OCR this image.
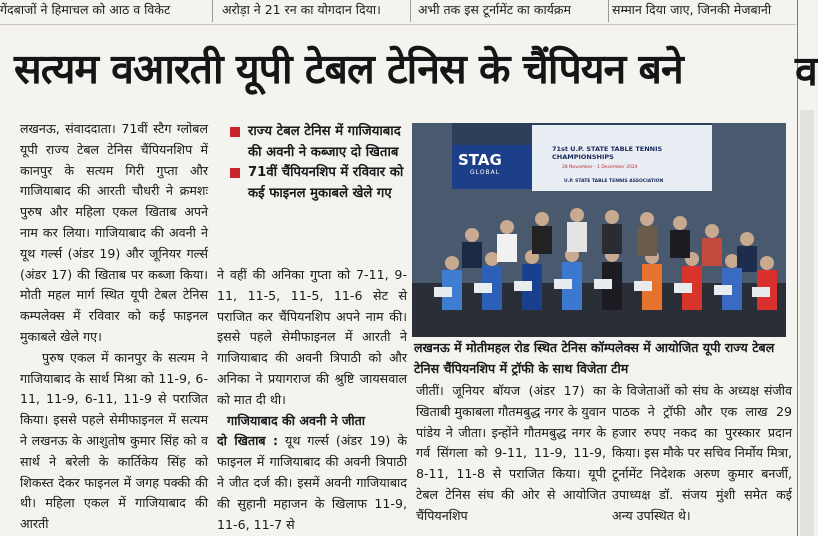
गेंदबाजों ने हिमाचल को आठ व विकेट	अरोड़ा ने 21 रन का योगदान दिया।	अभी तक इस टूर्नामेंट का कार्यक्रम	सम्मान दिया जाए, जिनकी मेजबानी
सत्यम वआरती यूपी टेबल टेनिस के चैंपियन बने	व

लखनऊ, संवाददाता। 71वीं स्टैग ग्लोबल यूपी राज्य टेबल टेनिस चैंपियनशिप में कानपुर के सत्यम गिरी गुप्ता और गाजियाबाद की आरती चौधरी ने क्रमशः पुरुष और महिला एकल खिताब अपने नाम कर लिया। गाजियाबाद की अवनी ने यूथ गर्ल्स (अंडर 19) और जूनियर गर्ल्स (अंडर 17) की खिताब पर कब्जा किया। मोती महल मार्ग स्थित यूपी टेबल टेनिस कम्पलेक्स में रविवार को कई फाइनल मुकाबले खेले गए।

पुरुष एकल में कानपुर के सत्यम ने गाजियाबाद के सार्थ मिश्रा को 11-9, 6-11, 11-9, 6-11, 11-9 से पराजित किया। इससे पहले सेमीफाइनल में सत्यम ने लखनऊ के आशुतोष कुमार सिंह को व सार्थ ने बरेली के कार्तिकेय सिंह को शिकस्त देकर फाइनल में जगह पक्की की थी। महिला एकल में गाजियाबाद की आरती

राज्य टेबल टेनिस में गाजियाबाद की अवनी ने कब्जाए दो खिताब
71वीं चैंपियनशिप में रविवार को कई फाइनल मुकाबले खेले गए

ने वहीं की अनिका गुप्ता को 7-11, 9-11, 11-5, 11-5, 11-6 सेट से पराजित कर चैंपियनशिप अपने नाम की। इससे पहले सेमीफाइनल में आरती ने गाजियाबाद की अवनी त्रिपाठी को और अनिका ने प्रयागराज की श्रुष्टि जायसवाल को मात दी थी।

गाजियाबाद की अवनी ने जीता

दो खिताब : यूथ गर्ल्स (अंडर 19) के फाइनल में गाजियाबाद की अवनी त्रिपाठी ने जीत दर्ज की। इसमें अवनी गाजियाबाद की सुहानी महाजन के खिलाफ 11-9, 11-6, 11-7 से

STAG
GLOBAL
71st U.P. STATE TABLE TENNIS CHAMPIONSHIPS
28 November - 1 December 2024
U.P. STATE TABLE TENNIS ASSOCIATION
लखनऊ में मोतीमहल रोड स्थित टेनिस कॉम्पलेक्स में आयोजित यूपी राज्य टेबल टेनिस चैंपियनशिप में ट्रॉफी के साथ विजेता टीम

जीतीं। जूनियर बॉयज (अंडर 17) का खिताबी मुकाबला गौतमबुद्ध नगर के युवान पांडेय ने जीता। इन्होंने गौतमबुद्ध नगर के गर्व सिंगला को 9-11, 11-9, 11-9, 8-11, 11-8 से पराजित किया। यूपी टेबल टेनिस संघ की ओर से आयोजित चैंपियनशिप

के विजेताओं को संघ के अध्यक्ष संजीव पाठक ने ट्रॉफी और एक लाख 29 हजार रुपए नकद का पुरस्कार प्रदान किया। इस मौके पर सचिव निर्मोय मित्रा, टूर्नामेंट निदेशक अरुण कुमार बनर्जी, उपाध्यक्ष डॉ. संजय मुंशी समेत कई अन्य उपस्थित थे।
